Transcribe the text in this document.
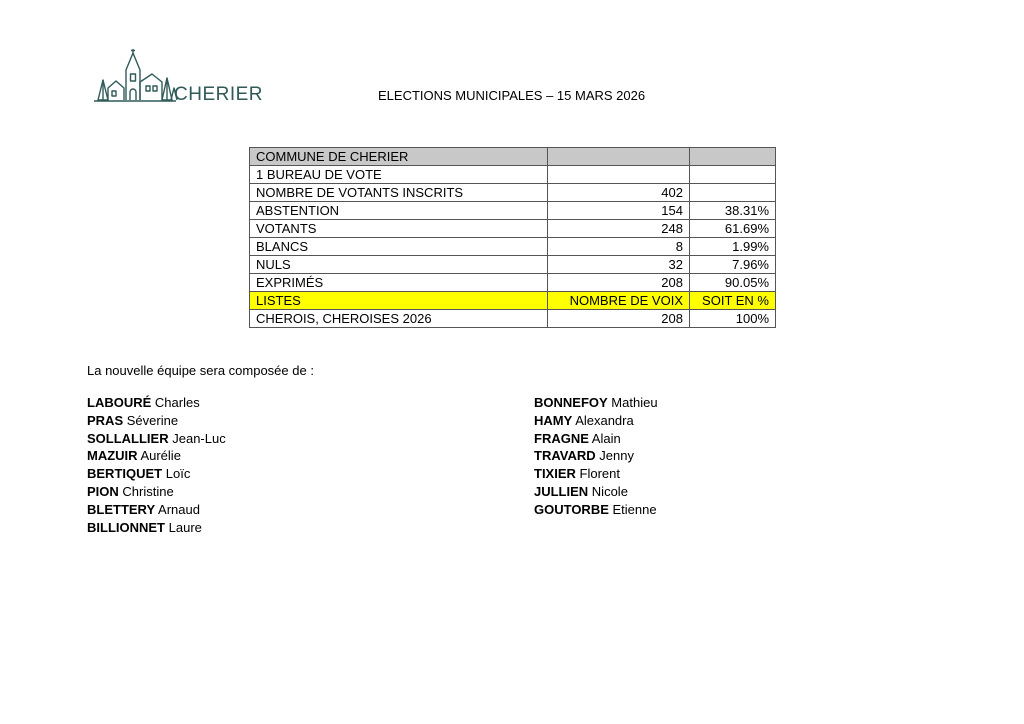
CHERIER	ELECTIONS MUNICIPALES – 15 MARS 2026
COMMUNE DE CHERIER		
1 BUREAU DE VOTE		
NOMBRE DE VOTANTS INSCRITS	402	
ABSTENTION	154	38.31%
VOTANTS	248	61.69%
BLANCS	8	1.99%
NULS	32	7.96%
EXPRIMÉS	208	90.05%
LISTES	NOMBRE DE VOIX	SOIT EN %
CHEROIS, CHEROISES 2026	208	100%
La nouvelle équipe sera composée de :
LABOURÉ Charles
PRAS Séverine
SOLLALLIER Jean-Luc
MAZUIR Aurélie
BERTIQUET Loïc
PION Christine
BLETTERY Arnaud
BILLIONNET Laure
BONNEFOY Mathieu
HAMY Alexandra
FRAGNE Alain
TRAVARD Jenny
TIXIER Florent
JULLIEN Nicole
GOUTORBE Etienne
